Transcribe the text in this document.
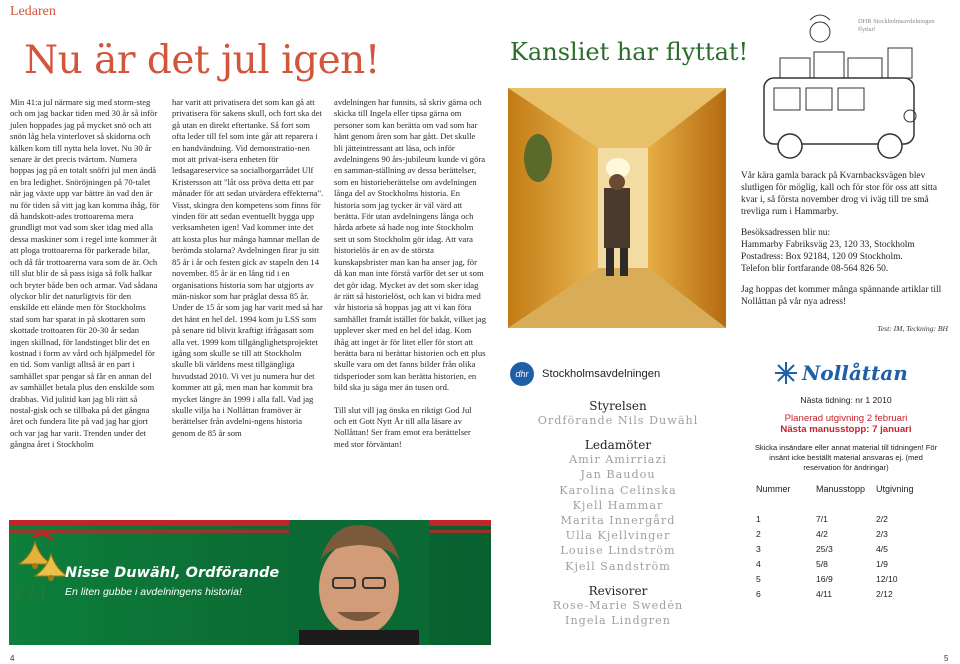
Ledaren
Nu är det jul igen!

Min 41:a jul närmare sig med storm-steg och om jag backar tiden med 30 år så inför julen hoppades jag på mycket snö och att snön låg hela vinterlovet så skidorna och kälken kom till nytta hela lovet. Nu 30 år senare är det precis tvärtom. Numera hoppas jag på en totalt snöfri jul men ändå en bra ledighet. Snöröjningen på 70-talet när jag växte upp var bättre än vad den är nu för tiden så vitt jag kan komma ihåg, för då handskott-ades trottoarerna mera grundligt mot vad som sker idag med alla dessa maskiner som i regel inte kommer åt att ploga trottoarerna för parkerade bilar, och då får trottoarerna vara som de är. Och till slut blir de så pass isiga så folk halkar och bryter både ben och armar. Vad sådana olyckor blir det naturligtvis för den enskilde ett elände men för Stockholms stad som har sparat in på skottaren som skottade trottoaren för 20-30 år sedan ingen skillnad, för landstinget blir det en kostnad i form av vård och hjälpmedel för en tid. Som vanligt alltså är en part i samhället spar pengar så får en annan del av samhället betala plus den enskilde som drabbas. Vid julitid kan jag bli rätt så nostal-gisk och se tillbaka på det gångna året och fundera lite på vad jag har gjort och var jag har varit. Trenden under det gångna året i Stockholm

har varit att privatisera det som kan gå att privatisera för sakens skull, och fort ska det gå utan en direkt eftertanke. Så fort som ofta leder till fel som inte går att reparera i en handvändning. Vid demonstratio-nen mot att privat-isera enheten för ledsagareservice sa socialborgarrådet Ulf Kristersson att "låt oss pröva detta ett par månader för att sedan utvärdera effekterna". Visst, skingra den kompetens som finns för vinden för att sedan eventuellt bygga upp verksamheten igen! Vad kommer inte det att kosta plus hur många hamnar mellan de berömda stolarna? Avdelningen firar ju sitt 85 år i år och festen gick av stapeln den 14 november. 85 år är en lång tid i en organisations historia som har utgjorts av män-niskor som har präglat dessa 85 år. Under de 15 år som jag har varit med så har det hänt en hel del. 1994 kom ju LSS som på senare tid blivit kraftigt ifrågasatt som alla vet. 1999 kom tillgänglighetsprojektet igång som skulle se till att Stockholm skulle bli världens mest tillgängliga huvudstad 2010. Vi vet ju numera hur det kommer att gå, men man har kommit bra mycket längre än 1999 i alla fall. Vad jag skulle vilja ha i Nollåttan framöver är berättelser från avdelni-ngens historia genom de 85 år som

avdelningen har funnits, så skriv gärna och skicka till Ingela eller tipsa gärna om personer som kan berätta om vad som har hänt genom åren som har gått. Det skulle bli jätteintressant att läsa, och inför avdelningens 90 års-jubileum kunde vi göra en samman-ställning av dessa berättelser, som en historieberättelse om avdelningen långa del av Stockholms historia. En historia som jag tycker är väl värd att berätta. För utan avdelningens långa och hårda arbete så hade nog inte Stockholm sett ut som Stockholm gör idag. Att vara historielös är en av de största kunskapsbrister man kan ha anser jag, för då kan man inte förstå varför det ser ut som det gör idag. Mycket av det som sker idag är rätt så historielöst, och kan vi bidra med vår historia så hoppas jag att vi kan föra samhället framåt istället för bakåt, vilket jag upplever sker med en hel del idag. Kom ihåg att inget är för litet eller för stort att berätta bara ni berättar historien och ett plus skulle vara om det fanns bilder från olika tidsperioder som kan berätta historien, en bild ska ju säga mer än tusen ord.

Till slut vill jag önska en riktigt God Jul och ett Gott Nytt År till alla läsare av Nollåttan! Ser fram emot era berättelser med stor förväntan!

Nisse Duwähl, Ordförande
En liten gubbe i avdelningens historia!
4
Kansliet har flyttat!
DHR Stockholmsavdelningen flyttar!

Vår kära gamla barack på Kvarnbacksvägen blev slutligen för möglig, kall och för stor för oss att sitta kvar i, så första november drog vi iväg till tre små trevliga rum i Hammarby.

Besöksadressen blir nu:

Hammarby Fabriksväg 23, 120 33, Stockholm

Postadress: Box 92184, 120 09 Stockholm.

Telefon blir fortfarande 08-564 826 50.

Jag hoppas det kommer många spännande artiklar till Nollåttan på vår nya adress!

Test: IM, Teckning: BH
dhr Stockholmsavdelningen
Styrelsen
Ordförande Nils Duwähl
Ledamöter
Amir Amirriazi
Jan Baudou
Karolina Celinska
Kjell Hammar
Marita Innergård
Ulla Kjellvinger
Louise Lindström
Kjell Sandström
Revisorer
Rose-Marie Swedén
Ingela Lindgren
Nollåttan
Nästa tidning: nr 1 2010
Planerad utgivning 2 februari
Nästa manusstopp: 7 januari
Skicka insändare eller annat material till tidningen! För insänt icke beställt material ansvaras ej. (med reservation för ändringar)
Nummer	Manusstopp	Utgivning

1	7/1	2/2
2	4/2	2/3
3	25/3	4/5
4	5/8	1/9
5	16/9	12/10
6	4/11	2/12
5
